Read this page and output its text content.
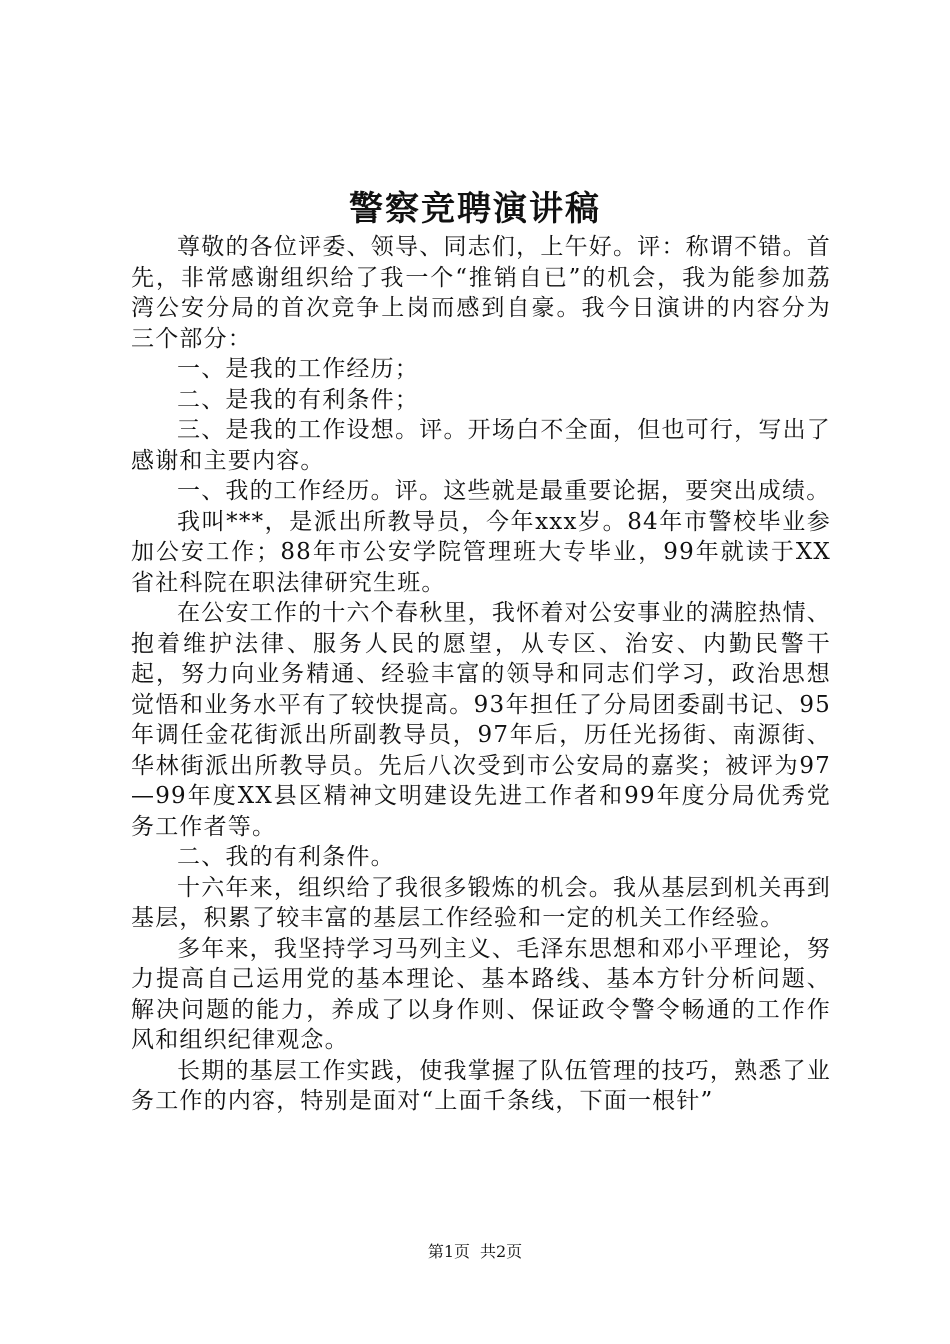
警察竞聘演讲稿

尊敬的各位评委、领导、同志们，上午好。评：称谓不错。首先，非常感谢组织给了我一个“推销自已”的机会，我为能参加荔湾公安分局的首次竞争上岗而感到自豪。我今日演讲的内容分为三个部分：

一、是我的工作经历；

二、是我的有利条件；

三、是我的工作设想。评。开场白不全面，但也可行，写出了感谢和主要内容。

一、我的工作经历。评。这些就是最重要论据，要突出成绩。

我叫***，是派出所教导员，今年xxx岁。84年市警校毕业参加公安工作；88年市公安学院管理班大专毕业，99年就读于XX省社科院在职法律研究生班。

在公安工作的十六个春秋里，我怀着对公安事业的满腔热情、抱着维护法律、服务人民的愿望，从专区、治安、内勤民警干起，努力向业务精通、经验丰富的领导和同志们学习，政治思想觉悟和业务水平有了较快提高。93年担任了分局团委副书记、95年调任金花街派出所副教导员，97年后，历任光扬街、南源街、华林街派出所教导员。先后八次受到市公安局的嘉奖；被评为97—99年度XX县区精神文明建设先进工作者和99年度分局优秀党务工作者等。

二、我的有利条件。

十六年来，组织给了我很多锻炼的机会。我从基层到机关再到基层，积累了较丰富的基层工作经验和一定的机关工作经验。

多年来，我坚持学习马列主义、毛泽东思想和邓小平理论，努力提高自己运用党的基本理论、基本路线、基本方针分析问题、解决问题的能力，养成了以身作则、保证政令警令畅通的工作作风和组织纪律观念。

长期的基层工作实践，使我掌握了队伍管理的技巧，熟悉了业务工作的内容，特别是面对“上面千条线，下面一根针”

第1页 共2页
